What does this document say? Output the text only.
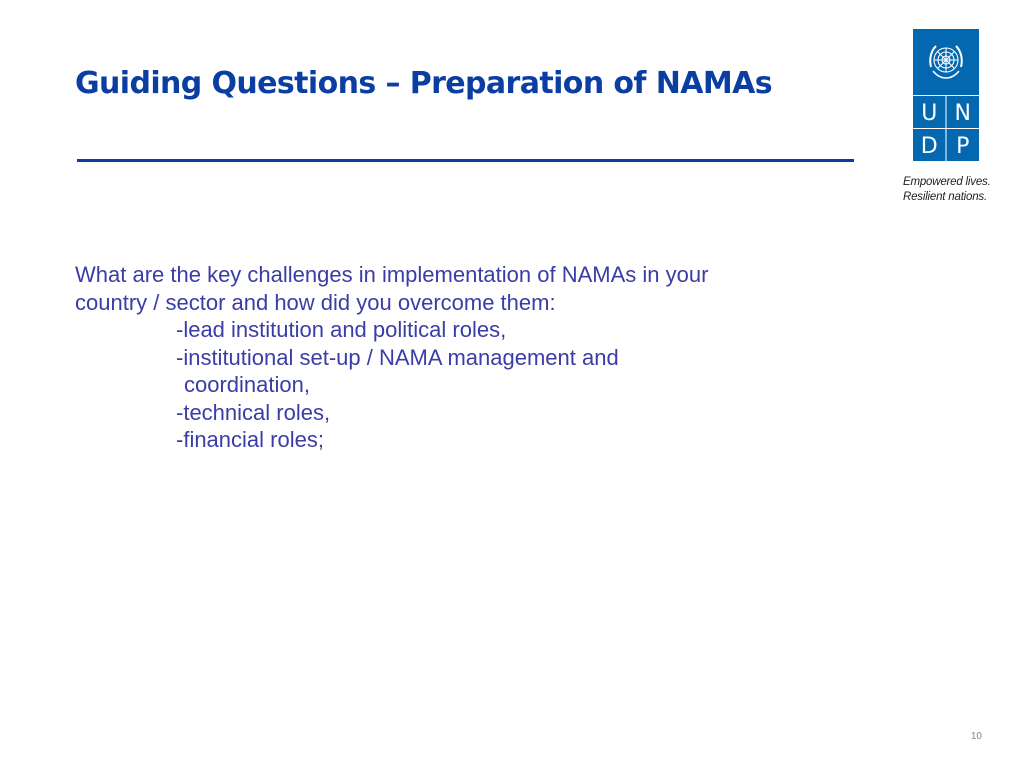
Guiding Questions – Preparation of NAMAs
U N
D P
Empowered lives.
Resilient nations.

What are the key challenges in implementation of NAMAs in your

country / sector and how did you overcome them:

-lead institution and political roles,

-institutional set-up / NAMA management and

coordination,

-technical roles,

-financial roles;

10
